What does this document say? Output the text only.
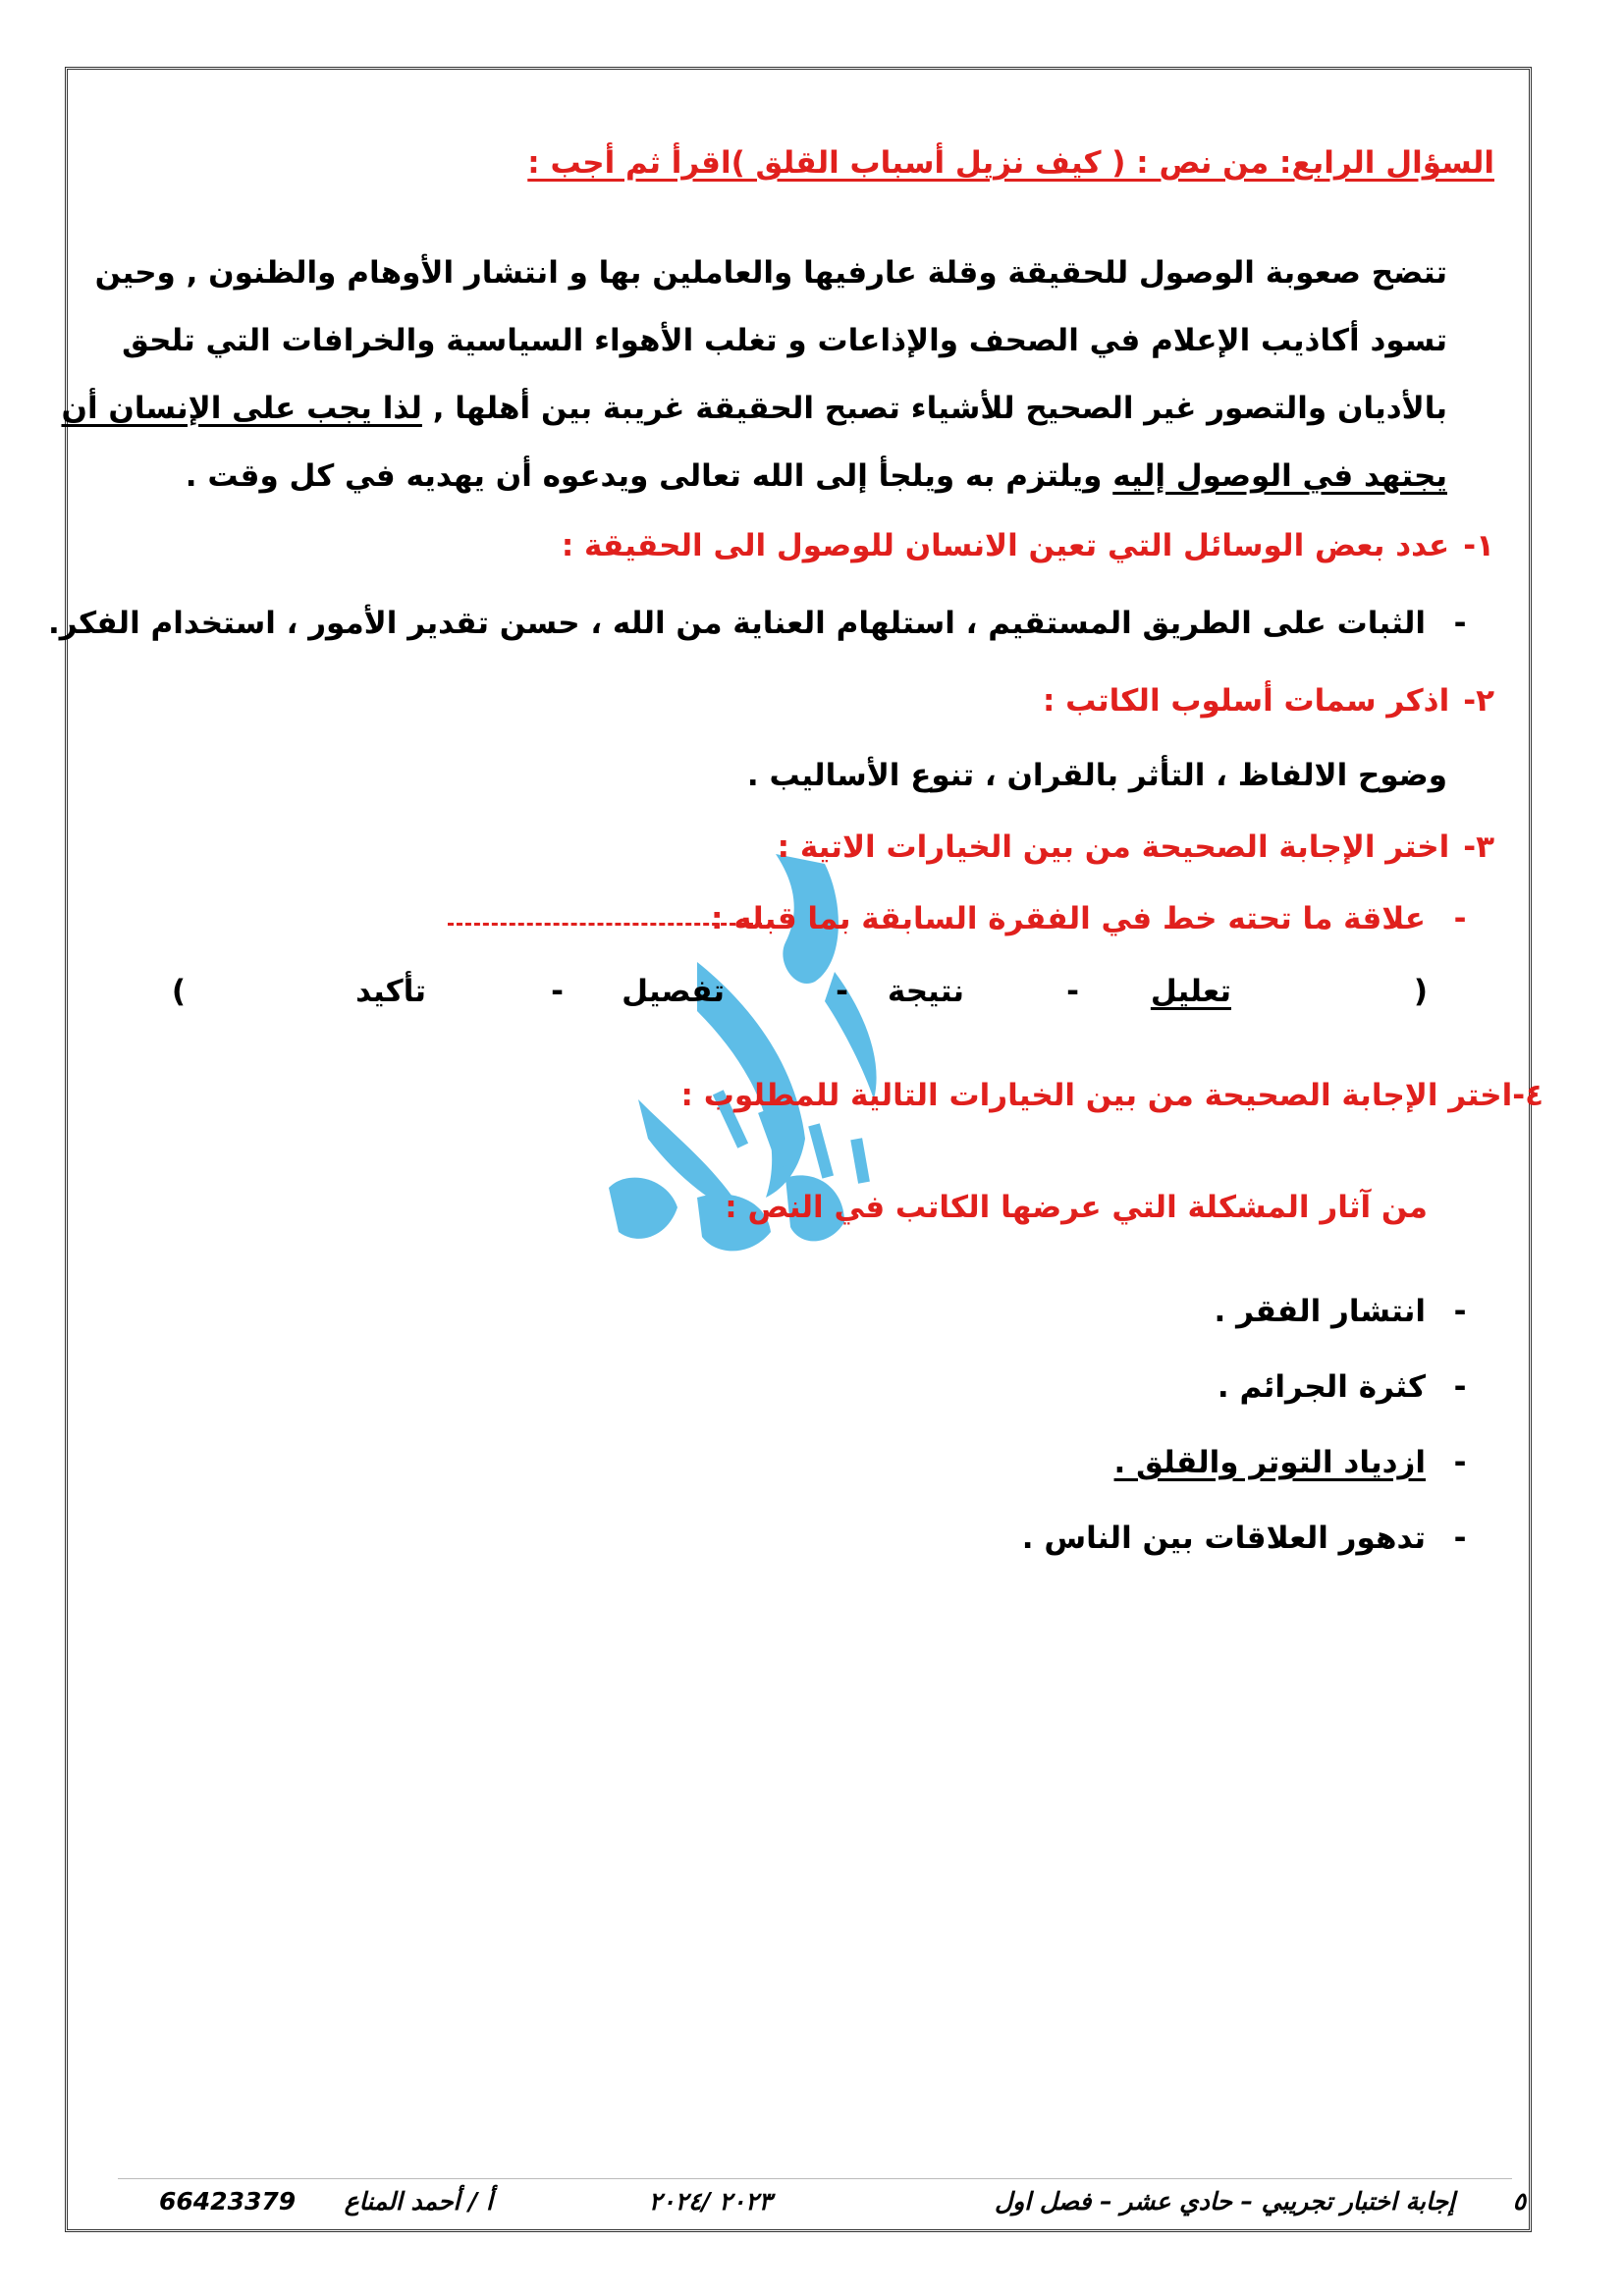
السؤال الرابع: من نص : ( كيف نزيل أسباب القلق )اقرأ ثم أجب :
تتضح صعوبة الوصول للحقيقة وقلة عارفيها والعاملين بها و انتشار الأوهام والظنون , وحين
تسود أكاذيب الإعلام في الصحف والإذاعات و تغلب الأهواء السياسية والخرافات التي تلحق
بالأديان والتصور غير الصحيح للأشياء تصبح الحقيقة غريبة بين أهلها , لذا يجب على الإنسان أن
يجتهد في الوصول إليه ويلتزم به ويلجأ إلى الله تعالى ويدعوه أن يهديه في كل وقت .
١-عدد بعض الوسائل التي تعين الانسان للوصول الى الحقيقة :
-الثبات على الطريق المستقيم ، استلهام العناية من الله ، حسن تقدير الأمور ، استخدام الفكر.
٢-اذكر سمات أسلوب الكاتب :
وضوح الالفاظ ، التأثر بالقران ، تنوع الأساليب .
٣-اختر الإجابة الصحيحة من بين الخيارات الاتية :
-علاقة ما تحته خط في الفقرة السابقة بما قبله :
(
تعليل
-
نتيجة
-
تفصيل
-
تأكيد
)
٤-اختر الإجابة الصحيحة من بين الخيارات التالية للمطلوب :
من آثار المشكلة التي عرضها الكاتب في النص :
-انتشار الفقر .
-كثرة الجرائم .
-ازدياد التوتر والقلق .
-تدهور العلاقات بين الناس .
٥
إجابة اختبار تجريبي – حادي عشر – فصل اول
٢٠٢٣ /٢٠٢٤
أ / أحمد المناع
66423379
